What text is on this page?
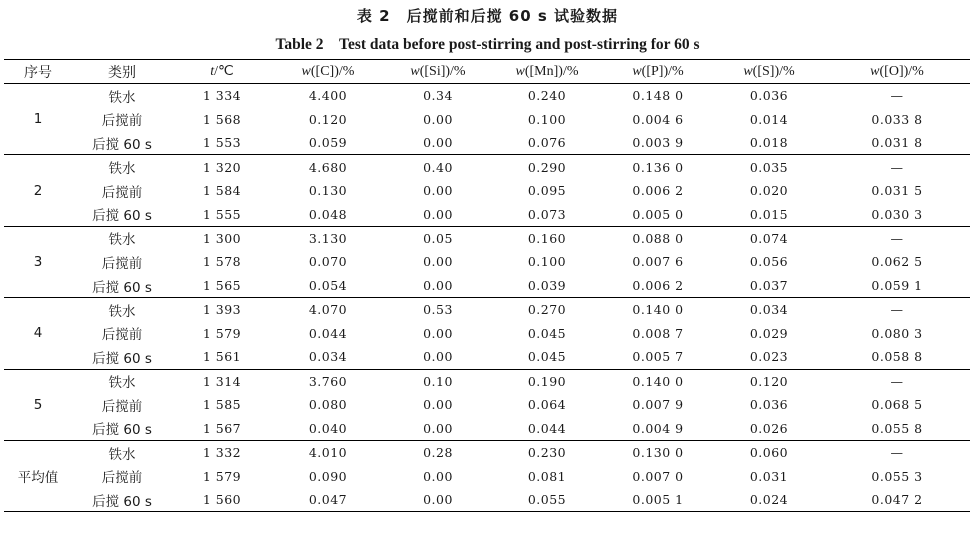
表 2　后搅前和后搅 60 s 试验数据
Table 2　Test data before post-stirring and post-stirring for 60 s
序号	类别	t/℃	w([C])/%	w([Si])/%	w([Mn])/%	w([P])/%	w([S])/%	w([O])/%
1	铁水	1 334	4.400	0.34	0.240	0.148 0	0.036	—
	后搅前	1 568	0.120	0.00	0.100	0.004 6	0.014	0.033 8
	后搅 60 s	1 553	0.059	0.00	0.076	0.003 9	0.018	0.031 8
2	铁水	1 320	4.680	0.40	0.290	0.136 0	0.035	—
	后搅前	1 584	0.130	0.00	0.095	0.006 2	0.020	0.031 5
	后搅 60 s	1 555	0.048	0.00	0.073	0.005 0	0.015	0.030 3
3	铁水	1 300	3.130	0.05	0.160	0.088 0	0.074	—
	后搅前	1 578	0.070	0.00	0.100	0.007 6	0.056	0.062 5
	后搅 60 s	1 565	0.054	0.00	0.039	0.006 2	0.037	0.059 1
4	铁水	1 393	4.070	0.53	0.270	0.140 0	0.034	—
	后搅前	1 579	0.044	0.00	0.045	0.008 7	0.029	0.080 3
	后搅 60 s	1 561	0.034	0.00	0.045	0.005 7	0.023	0.058 8
5	铁水	1 314	3.760	0.10	0.190	0.140 0	0.120	—
	后搅前	1 585	0.080	0.00	0.064	0.007 9	0.036	0.068 5
	后搅 60 s	1 567	0.040	0.00	0.044	0.004 9	0.026	0.055 8
平均值	铁水	1 332	4.010	0.28	0.230	0.130 0	0.060	—
	后搅前	1 579	0.090	0.00	0.081	0.007 0	0.031	0.055 3
	后搅 60 s	1 560	0.047	0.00	0.055	0.005 1	0.024	0.047 2
